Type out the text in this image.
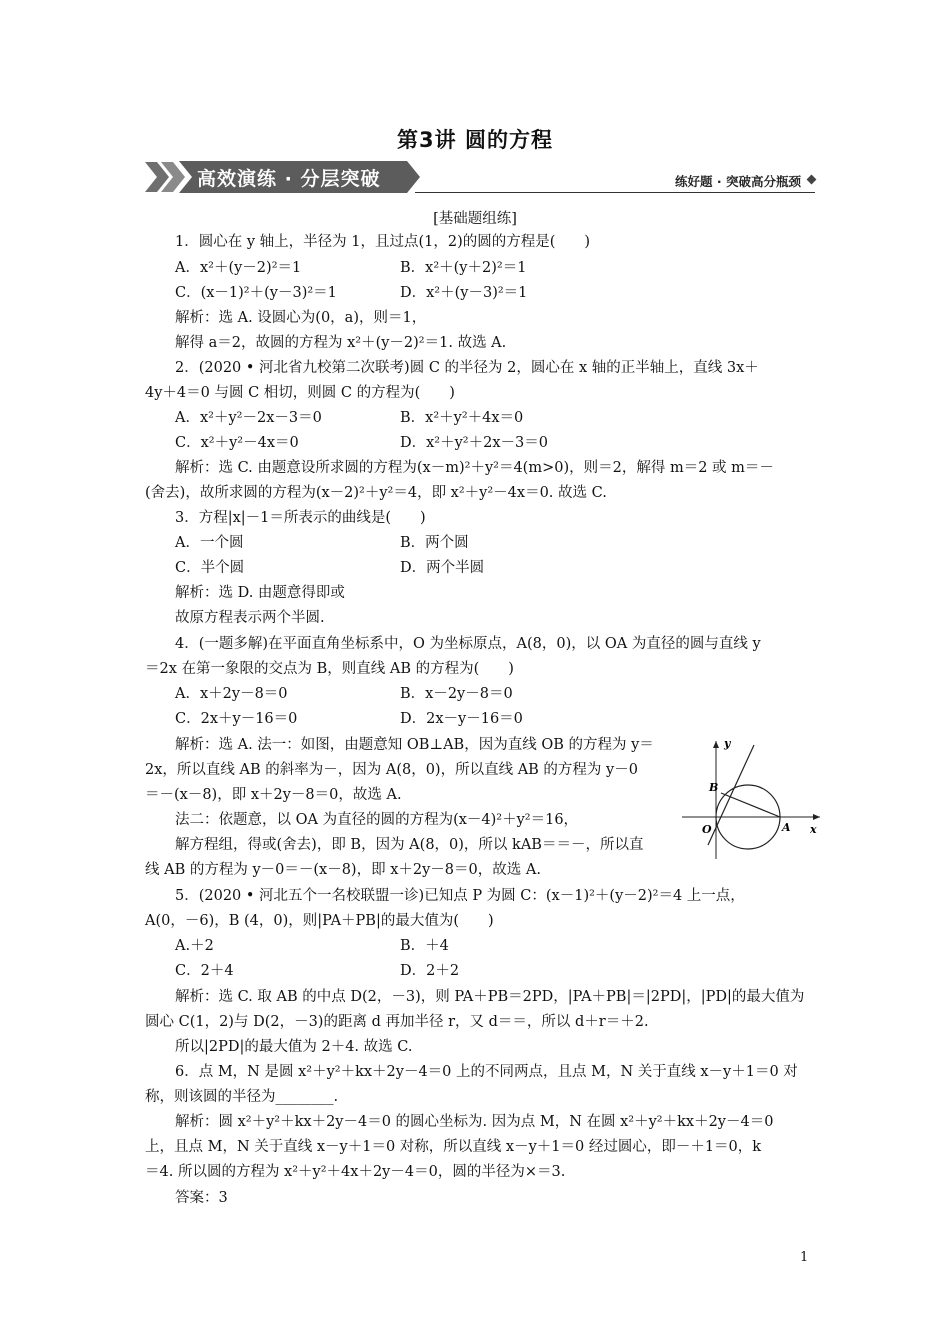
第3讲 圆的方程
高效演练 · 分层突破	练好题 · 突破高分瓶颈
[基础题组练]
1．圆心在 y 轴上，半径为 1，且过点(1，2)的圆的方程是(　　)
A．x²＋(y－2)²＝1	B．x²＋(y＋2)²＝1
C．(x－1)²＋(y－3)²＝1	D．x²＋(y－3)²＝1
解析：选 A. 设圆心为(0，a)，则＝1，
解得 a＝2，故圆的方程为 x²＋(y－2)²＝1. 故选 A.
2．(2020 • 河北省九校第二次联考)圆 C 的半径为 2，圆心在 x 轴的正半轴上，直线 3x＋
4y＋4＝0 与圆 C 相切，则圆 C 的方程为(　　)
A．x²＋y²－2x－3＝0	B．x²＋y²＋4x＝0
C．x²＋y²－4x＝0	D．x²＋y²＋2x－3＝0
解析：选 C. 由题意设所求圆的方程为(x－m)²＋y²＝4(m>0)，则＝2，解得 m＝2 或 m＝－
(舍去)，故所求圆的方程为(x－2)²＋y²＝4，即 x²＋y²－4x＝0. 故选 C.
3．方程|x|－1＝所表示的曲线是(　　)
A．一个圆	B．两个圆
C．半个圆	D．两个半圆
解析：选 D. 由题意得即或
故原方程表示两个半圆.
4．(一题多解)在平面直角坐标系中，O 为坐标原点，A(8，0)，以 OA 为直径的圆与直线 y
＝2x 在第一象限的交点为 B，则直线 AB 的方程为(　　)
A．x＋2y－8＝0	B．x－2y－8＝0
C．2x＋y－16＝0	D．2x－y－16＝0
解析：选 A. 法一：如图，由题意知 OB⊥AB，因为直线 OB 的方程为 y＝
2x，所以直线 AB 的斜率为－，因为 A(8，0)，所以直线 AB 的方程为 y－0
＝－(x－8)，即 x＋2y－8＝0，故选 A.
法二：依题意，以 OA 为直径的圆的方程为(x－4)²＋y²＝16，
解方程组，得或(舍去)，即 B，因为 A(8，0)，所以 kAB＝＝－，所以直
线 AB 的方程为 y－0＝－(x－8)，即 x＋2y－8＝0，故选 A.
5．(2020 • 河北五个一名校联盟一诊)已知点 P 为圆 C：(x－1)²＋(y－2)²＝4 上一点，
A(0，－6)，B (4，0)，则|PA＋PB|的最大值为(　　)
A.＋2	B．＋4
C．2＋4	D．2＋2
解析：选 C. 取 AB 的中点 D(2，－3)，则 PA＋PB＝2PD，|PA＋PB|＝|2PD|，|PD|的最大值为
圆心 C(1，2)与 D(2，－3)的距离 d 再加半径 r，又 d＝＝，所以 d＋r＝＋2.
所以|2PD|的最大值为 2＋4. 故选 C.
6．点 M，N 是圆 x²＋y²＋kx＋2y－4＝0 上的不同两点，且点 M，N 关于直线 x－y＋1＝0 对
称，则该圆的半径为________.
解析：圆 x²＋y²＋kx＋2y－4＝0 的圆心坐标为. 因为点 M，N 在圆 x²＋y²＋kx＋2y－4＝0
上，且点 M，N 关于直线 x－y＋1＝0 对称，所以直线 x－y＋1＝0 经过圆心，即－＋1＝0，k
＝4. 所以圆的方程为 x²＋y²＋4x＋2y－4＝0，圆的半径为×＝3.
答案：3
y
x
O	A
B
1
